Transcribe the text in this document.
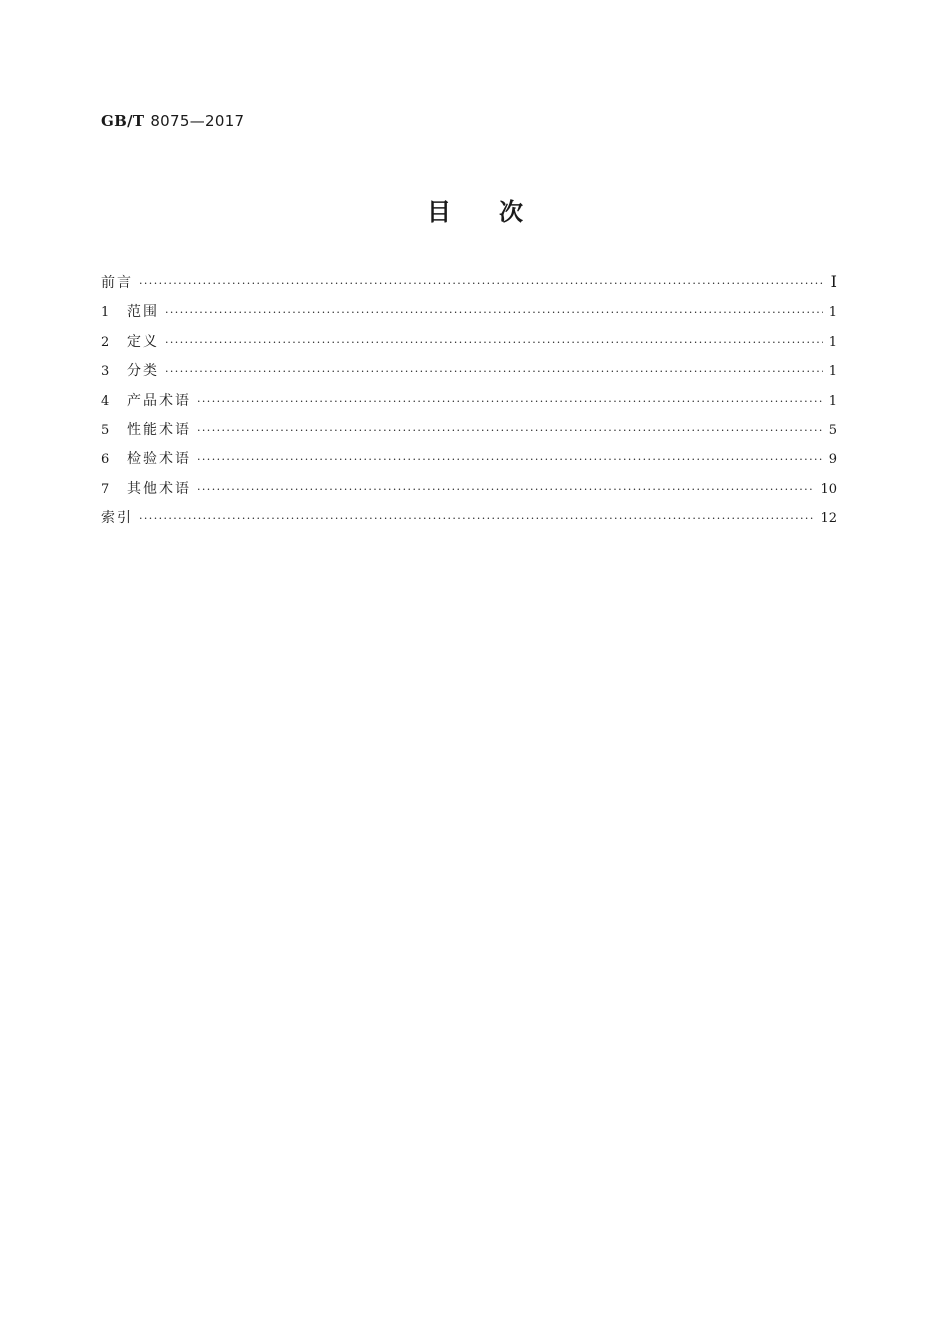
GB/T 8075—2017
目次
前言 ·····	I
1	范围 ·····	1
2	定义 ·····	1
3	分类 ·····	1
4	产品术语 ·····	1
5	性能术语 ·····	5
6	检验术语 ·····	9
7	其他术语 ·····	10
索引 ·····	12
